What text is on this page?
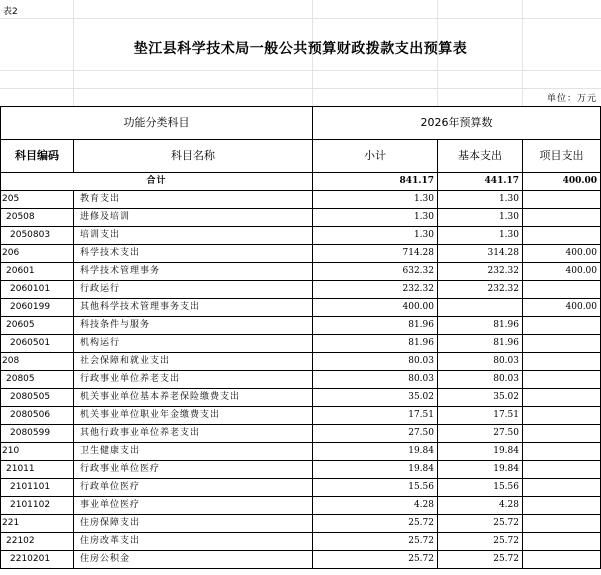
表2
垫江县科学技术局一般公共预算财政拨款支出预算表
单位：万元
功能分类科目		2026年预算数		
科目编码	科目名称	小计	基本支出	项目支出
合计		841.17	441.17	400.00
205	教育支出	1.30	1.30	
20508	进修及培训	1.30	1.30	
2050803	培训支出	1.30	1.30	
206	科学技术支出	714.28	314.28	400.00
20601	科学技术管理事务	632.32	232.32	400.00
2060101	行政运行	232.32	232.32	
2060199	其他科学技术管理事务支出	400.00		400.00
20605	科技条件与服务	81.96	81.96	
2060501	机构运行	81.96	81.96	
208	社会保障和就业支出	80.03	80.03	
20805	行政事业单位养老支出	80.03	80.03	
2080505	机关事业单位基本养老保险缴费支出	35.02	35.02	
2080506	机关事业单位职业年金缴费支出	17.51	17.51	
2080599	其他行政事业单位养老支出	27.50	27.50	
210	卫生健康支出	19.84	19.84	
21011	行政事业单位医疗	19.84	19.84	
2101101	行政单位医疗	15.56	15.56	
2101102	事业单位医疗	4.28	4.28	
221	住房保障支出	25.72	25.72	
22102	住房改革支出	25.72	25.72	
2210201	住房公积金	25.72	25.72	
